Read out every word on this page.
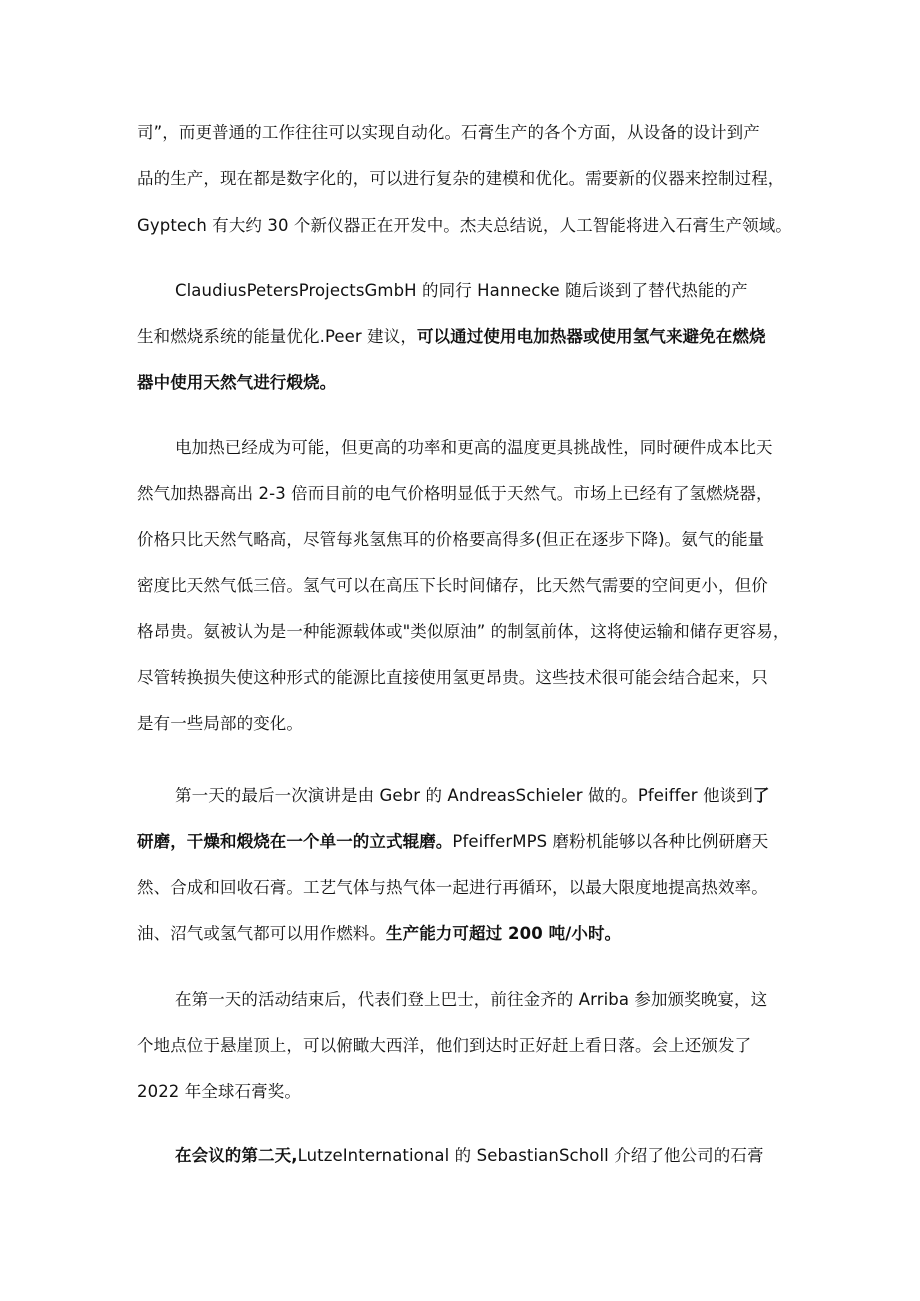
司”，而更普通的工作往往可以实现自动化。石膏生产的各个方面，从设备的设计到产
品的生产，现在都是数字化的，可以进行复杂的建模和优化。需要新的仪器来控制过程，
Gyptech 有大约 30 个新仪器正在开发中。杰夫总结说，人工智能将进入石膏生产领域。
ClaudiusPetersProjectsGmbH 的同行 Hannecke 随后谈到了替代热能的产
生和燃烧系统的能量优化.Peer 建议，可以通过使用电加热器或使用氢气来避免在燃烧
器中使用天然气进行煅烧。
电加热已经成为可能，但更高的功率和更高的温度更具挑战性，同时硬件成本比天
然气加热器高出 2-3 倍而目前的电气价格明显低于天然气。市场上已经有了氢燃烧器，
价格只比天然气略高，尽管每兆氢焦耳的价格要高得多(但正在逐步下降)。氨气的能量
密度比天然气低三倍。氢气可以在高压下长时间储存，比天然气需要的空间更小，但价
格昂贵。氨被认为是一种能源载体或"类似原油” 的制氢前体，这将使运输和储存更容易，
尽管转换损失使这种形式的能源比直接使用氢更昂贵。这些技术很可能会结合起来，只
是有一些局部的变化。
第一天的最后一次演讲是由 Gebr 的 AndreasSchieler 做的。Pfeiffer 他谈到了
研磨，干燥和煅烧在一个单一的立式辊磨。PfeifferMPS 磨粉机能够以各种比例研磨天
然、合成和回收石膏。工艺气体与热气体一起进行再循环，以最大限度地提高热效率。
油、沼气或氢气都可以用作燃料。生产能力可超过 200 吨/小时。
在第一天的活动结束后，代表们登上巴士，前往金齐的 Arriba 参加颁奖晚宴，这
个地点位于悬崖顶上，可以俯瞰大西洋，他们到达时正好赶上看日落。会上还颁发了
2022 年全球石膏奖。
在会议的第二天,LutzeInternational 的 SebastianScholl 介绍了他公司的石膏
